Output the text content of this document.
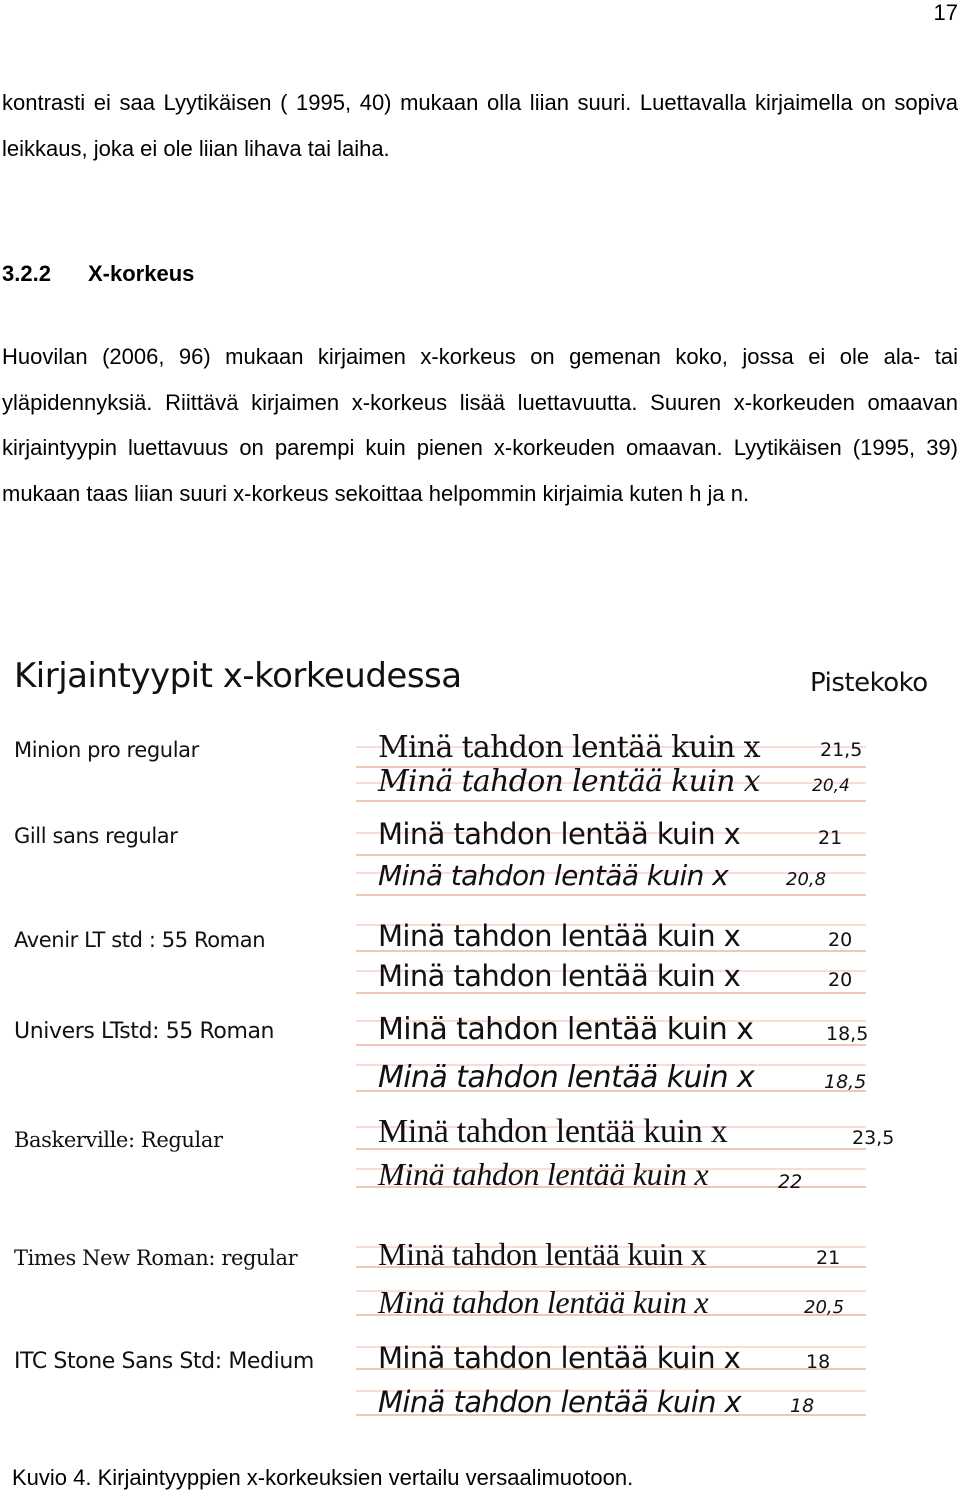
17
kontrasti ei saa Lyytikäisen ( 1995, 40) mukaan olla liian suuri. Luettavalla kirjaimella on sopiva leikkaus, joka ei ole liian lihava tai laiha.
3.2.2 X-korkeus
Huovilan (2006, 96) mukaan kirjaimen x-korkeus on gemenan koko, jossa ei ole ala- tai yläpidennyksiä. Riittävä kirjaimen x-korkeus lisää luettavuutta. Suuren x-korkeuden omaavan kirjaintyypin luettavuus on parempi kuin pienen x-korkeuden omaavan. Lyytikäisen (1995, 39) mukaan taas liian suuri x-korkeus sekoittaa helpommin kirjaimia kuten h ja n.
Kirjaintyypit x-korkeudessa	Pistekoko
Minion pro regular	Minä tahdon lentää kuin x	21,5
Minä tahdon lentää kuin x	20,4
Gill sans regular	Minä tahdon lentää kuin x	21
Minä tahdon lentää kuin x	20,8
Avenir LT std : 55 Roman	Minä tahdon lentää kuin x	20
Minä tahdon lentää kuin x	20
Univers LTstd: 55 Roman	Minä tahdon lentää kuin x	18,5
Minä tahdon lentää kuin x	18,5
Baskerville: Regular	Minä tahdon lentää kuin x	23,5
Minä tahdon lentää kuin x	22
Times New Roman: regular	Minä tahdon lentää kuin x	21
Minä tahdon lentää kuin x	20,5
ITC Stone Sans Std: Medium Minä tahdon lentää kuin x	18
Minä tahdon lentää kuin x	18
Kuvio 4. Kirjaintyyppien x-korkeuksien vertailu versaalimuotoon.
